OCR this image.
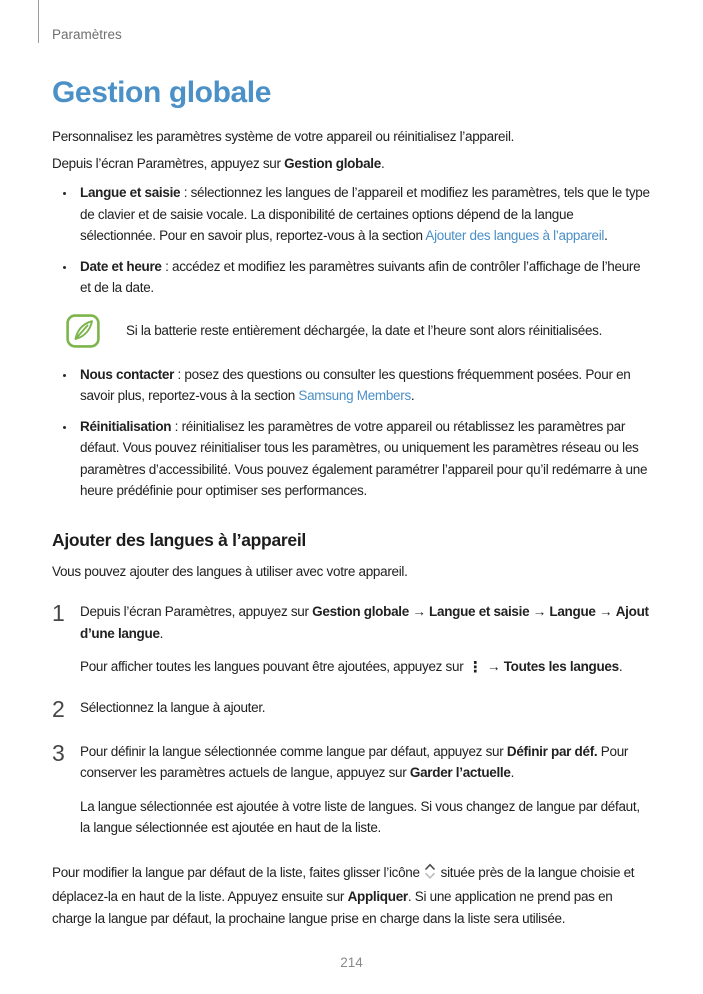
Paramètres
Gestion globale

Personnalisez les paramètres système de votre appareil ou réinitialisez l’appareil.

Depuis l’écran Paramètres, appuyez sur Gestion globale.

Langue et saisie : sélectionnez les langues de l’appareil et modifiez les paramètres, tels que le type de clavier et de saisie vocale. La disponibilité de certaines options dépend de la langue sélectionnée. Pour en savoir plus, reportez-vous à la section Ajouter des langues à l’appareil.
Date et heure : accédez et modifiez les paramètres suivants afin de contrôler l’affichage de l’heure et de la date.
Si la batterie reste entièrement déchargée, la date et l’heure sont alors réinitialisées.
Nous contacter : posez des questions ou consulter les questions fréquemment posées. Pour en savoir plus, reportez-vous à la section Samsung Members.
Réinitialisation : réinitialisez les paramètres de votre appareil ou rétablissez les paramètres par défaut. Vous pouvez réinitialiser tous les paramètres, ou uniquement les paramètres réseau ou les paramètres d’accessibilité. Vous pouvez également paramétrer l’appareil pour qu’il redémarre à une heure prédéfinie pour optimiser ses performances.
Ajouter des langues à l’appareil

Vous pouvez ajouter des langues à utiliser avec votre appareil.

1	Depuis l’écran Paramètres, appuyez sur Gestion globale → Langue et saisie → Langue → Ajout d’une langue.

Pour afficher toutes les langues pouvant être ajoutées, appuyez sur ⋮ → Toutes les langues.

2	Sélectionnez la langue à ajouter.

3	Pour définir la langue sélectionnée comme langue par défaut, appuyez sur Définir par déf. Pour conserver les paramètres actuels de langue, appuyez sur Garder l’actuelle.

La langue sélectionnée est ajoutée à votre liste de langues. Si vous changez de langue par défaut, la langue sélectionnée est ajoutée en haut de la liste.

Pour modifier la langue par défaut de la liste, faites glisser l’icône  située près de la langue choisie et déplacez-la en haut de la liste. Appuyez ensuite sur Appliquer. Si une application ne prend pas en charge la langue par défaut, la prochaine langue prise en charge dans la liste sera utilisée.

214
